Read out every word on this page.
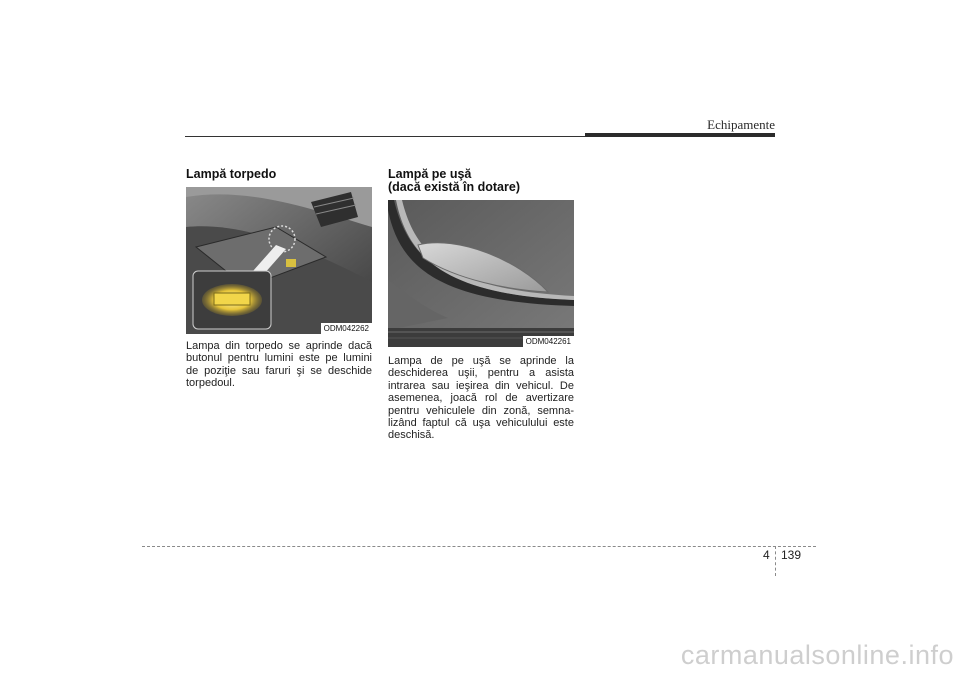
Echipamente
Lampă torpedo
ODM042262

Lampa din torpedo se aprinde dacă
butonul pentru lumini este pe lumini
de poziţie sau faruri şi se deschide
torpedoul.

Lampă pe uşă
(dacă există în dotare)
ODM042261

Lampa de pe uşă se aprinde la
deschiderea uşii, pentru a asista
intrarea sau ieşirea din vehicul. De
asemenea, joacă rol de avertizare
pentru vehiculele din zonă, semna-
lizând faptul că uşa vehiculului este
deschisă.

4 139
carmanualsonline.info
